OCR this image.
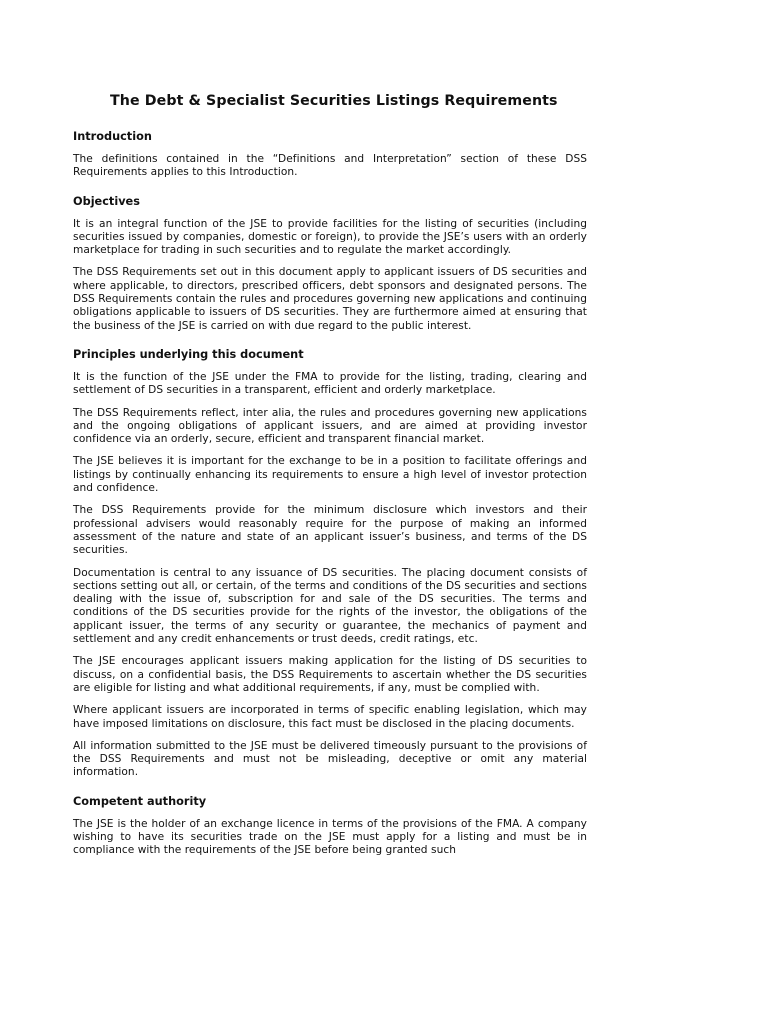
The Debt & Specialist Securities Listings Requirements
Introduction

The definitions contained in the “Definitions and Interpretation” section of these DSS Requirements applies to this Introduction.

Objectives

It is an integral function of the JSE to provide facilities for the listing of securities (including securities issued by companies, domestic or foreign), to provide the JSE’s users with an orderly marketplace for trading in such securities and to regulate the market accordingly.

The DSS Requirements set out in this document apply to applicant issuers of DS securities and where applicable, to directors, prescribed officers, debt sponsors and designated persons. The DSS Requirements contain the rules and procedures governing new applications and continuing obligations applicable to issuers of DS securities. They are furthermore aimed at ensuring that the business of the JSE is carried on with due regard to the public interest.

Principles underlying this document

It is the function of the JSE under the FMA to provide for the listing, trading, clearing and settlement of DS securities in a transparent, efficient and orderly marketplace.

The DSS Requirements reflect, inter alia, the rules and procedures governing new applications and the ongoing obligations of applicant issuers, and are aimed at providing investor confidence via an orderly, secure, efficient and transparent financial market.

The JSE believes it is important for the exchange to be in a position to facilitate offerings and listings by continually enhancing its requirements to ensure a high level of investor protection and confidence.

The DSS Requirements provide for the minimum disclosure which investors and their professional advisers would reasonably require for the purpose of making an informed assessment of the nature and state of an applicant issuer’s business, and terms of the DS securities.

Documentation is central to any issuance of DS securities. The placing document consists of sections setting out all, or certain, of the terms and conditions of the DS securities and sections dealing with the issue of, subscription for and sale of the DS securities. The terms and conditions of the DS securities provide for the rights of the investor, the obligations of the applicant issuer, the terms of any security or guarantee, the mechanics of payment and settlement and any credit enhancements or trust deeds, credit ratings, etc.

The JSE encourages applicant issuers making application for the listing of DS securities to discuss, on a confidential basis, the DSS Requirements to ascertain whether the DS securities are eligible for listing and what additional requirements, if any, must be complied with.

Where applicant issuers are incorporated in terms of specific enabling legislation, which may have imposed limitations on disclosure, this fact must be disclosed in the placing documents.

All information submitted to the JSE must be delivered timeously pursuant to the provisions of the DSS Requirements and must not be misleading, deceptive or omit any material information.

Competent authority

The JSE is the holder of an exchange licence in terms of the provisions of the FMA. A company wishing to have its securities trade on the JSE must apply for a listing and must be in compliance with the requirements of the JSE before being granted such
